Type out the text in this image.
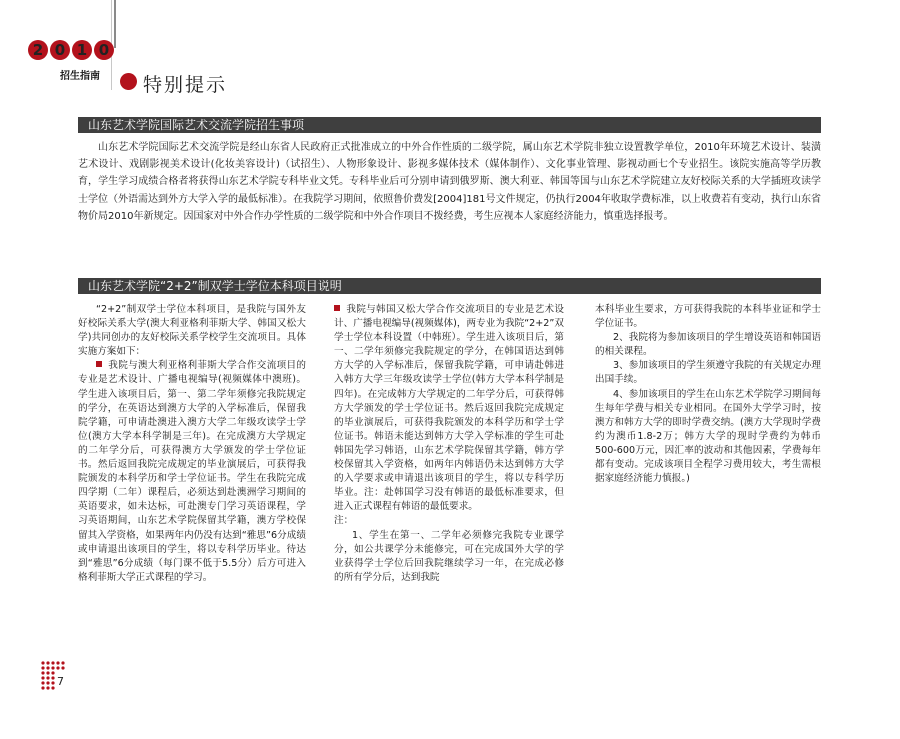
2 0 1 0
招生指南 特别提示
山东艺术学院国际艺术交流学院招生事项

山东艺术学院国际艺术交流学院是经山东省人民政府正式批准成立的中外合作性质的二级学院，属山东艺术学院非独立设置教学单位，2010年环境艺术设计、装潢艺术设计、戏剧影视美术设计(化妆美容设计)（试招生）、人物形象设计、影视多媒体技术（媒体制作）、文化事业管理、影视动画七个专业招生。该院实施高等学历教育，学生学习成绩合格者将获得山东艺术学院专科毕业文凭。专科毕业后可分别申请到俄罗斯、澳大利亚、韩国等国与山东艺术学院建立友好校际关系的大学插班攻读学士学位（外语需达到外方大学入学的最低标准）。在我院学习期间，依照鲁价费发[2004]181号文件规定，仍执行2004年收取学费标准，以上收费若有变动，执行山东省物价局2010年新规定。因国家对中外合作办学性质的二级学院和中外合作项目不拨经费，考生应视本人家庭经济能力，慎重选择报考。

山东艺术学院“2+2”制双学士学位本科项目说明

“2+2”制双学士学位本科项目，是我院与国外友好校际关系大学(澳大利亚格利菲斯大学、韩国又松大学)共同创办的友好校际关系学校学生交流项目。具体实施方案如下：

我院与澳大利亚格利菲斯大学合作交流项目的专业是艺术设计、广播电视编导(视频媒体中澳班)。学生进入该项目后，第一、第二学年须修完我院规定的学分，在英语达到澳方大学的入学标准后，保留我院学籍，可申请赴澳进入澳方大学二年级攻读学士学位(澳方大学本科学制是三年)。在完成澳方大学规定的二年学分后，可获得澳方大学颁发的学士学位证书。然后返回我院完成规定的毕业演展后，可获得我院颁发的本科学历和学士学位证书。学生在我院完成四学期（二年）课程后，必须达到赴澳洲学习期间的英语要求，如未达标，可赴澳专门学习英语课程，学习英语期间，山东艺术学院保留其学籍，澳方学校保留其入学资格，如果两年内仍没有达到“雅思”6分成绩或申请退出该项目的学生，将以专科学历毕业。待达到“雅思”6分成绩（每门课不低于5.5分）后方可进入格利菲斯大学正式课程的学习。

我院与韩国又松大学合作交流项目的专业是艺术设计、广播电视编导(视频媒体)，两专业为我院“2+2”双学士学位本科设置（中韩班）。学生进入该项目后，第一、二学年须修完我院规定的学分，在韩国语达到韩方大学的入学标准后，保留我院学籍，可申请赴韩进入韩方大学三年级攻读学士学位(韩方大学本科学制是四年)。在完成韩方大学规定的二年学分后，可获得韩方大学颁发的学士学位证书。然后返回我院完成规定的毕业演展后，可获得我院颁发的本科学历和学士学位证书。韩语未能达到韩方大学入学标准的学生可赴韩国先学习韩语，山东艺术学院保留其学籍，韩方学校保留其入学资格，如两年内韩语仍未达到韩方大学的入学要求或申请退出该项目的学生，将以专科学历毕业。注：赴韩国学习没有韩语的最低标准要求，但进入正式课程有韩语的最低要求。

注：

1、学生在第一、二学年必须修完我院专业课学分，如公共课学分未能修完，可在完成国外大学的学业获得学士学位后回我院继续学习一年，在完成必修的所有学分后，达到我院

本科毕业生要求，方可获得我院的本科毕业证和学士学位证书。

2、我院将为参加该项目的学生增设英语和韩国语的相关课程。

3、参加该项目的学生须遵守我院的有关规定办理出国手续。

4、参加该项目的学生在山东艺术学院学习期间每生每年学费与相关专业相同。在国外大学学习时，按澳方和韩方大学的即时学费交纳。(澳方大学现时学费约为澳币1.8-2万；韩方大学的现时学费约为韩币500-600万元，因汇率的波动和其他因素，学费每年都有变动。完成该项目全程学习费用较大，考生需根据家庭经济能力慎报。)

7
